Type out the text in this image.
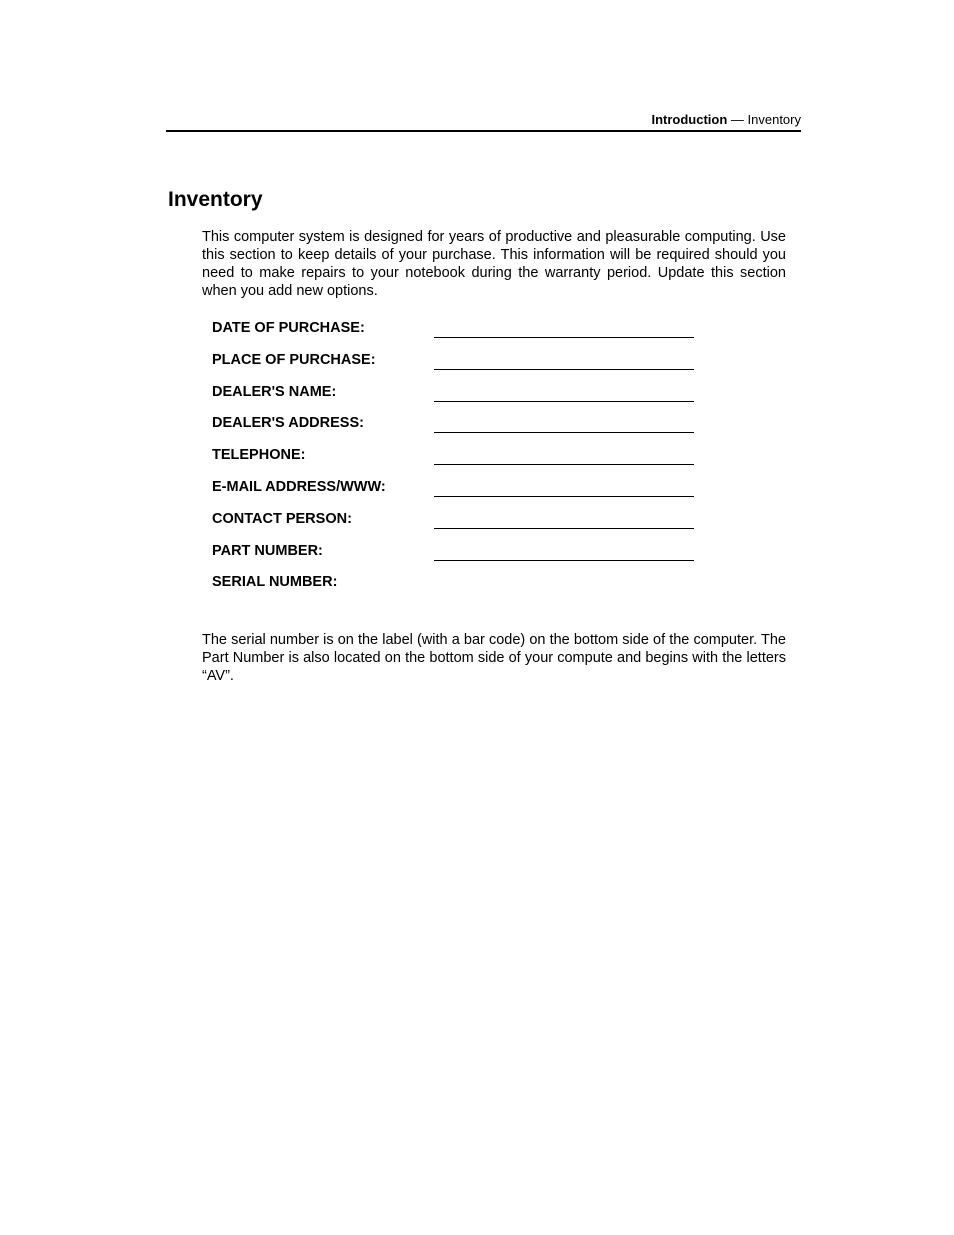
Introduction — Inventory
Inventory

This computer system is designed for years of productive and pleasurable computing. Use this section to keep details of your purchase. This information will be required should you need to make repairs to your notebook during the warranty period. Update this section when you add new options.

DATE OF PURCHASE:
PLACE OF PURCHASE:
DEALER'S NAME:
DEALER'S ADDRESS:
TELEPHONE:
E-MAIL ADDRESS/WWW:
CONTACT PERSON:
PART NUMBER:
SERIAL NUMBER:

The serial number is on the label (with a bar code) on the bottom side of the computer. The Part Number is also located on the bottom side of your compute and begins with the letters “AV”.
